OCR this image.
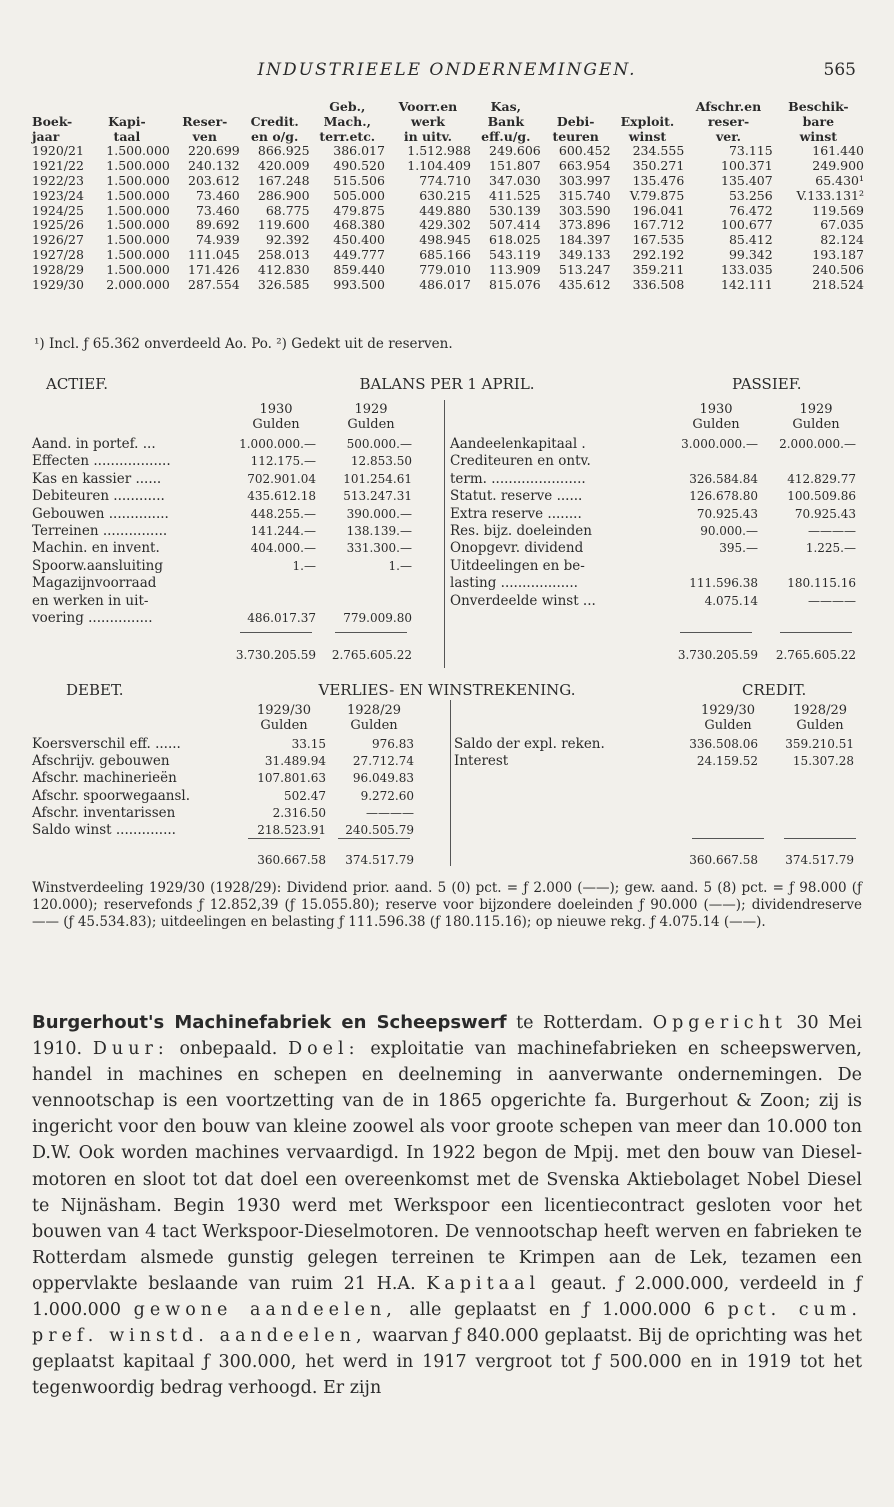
INDUSTRIEELE ONDERNEMINGEN.	565
				Geb.,	Voorr.en	Kas,			Afschr.en	Beschik-
Boek-	Kapi-	Reser-	Credit.	Mach.,	werk	Bank	Debi-	Exploit.	reser-	bare
jaar	taal	ven	en o/g.	terr.etc.	in uitv.	eff.u/g.	teuren	winst	ver.	winst
1920/21	1.500.000	220.699	866.925	386.017	1.512.988	249.606	600.452	234.555	73.115	161.440
1921/22	1.500.000	240.132	420.009	490.520	1.104.409	151.807	663.954	350.271	100.371	249.900
1922/23	1.500.000	203.612	167.248	515.506	774.710	347.030	303.997	135.476	135.407	65.430¹
1923/24	1.500.000	73.460	286.900	505.000	630.215	411.525	315.740	V.79.875	53.256	V.133.131²
1924/25	1.500.000	73.460	68.775	479.875	449.880	530.139	303.590	196.041	76.472	119.569
1925/26	1.500.000	89.692	119.600	468.380	429.302	507.414	373.896	167.712	100.677	67.035
1926/27	1.500.000	74.939	92.392	450.400	498.945	618.025	184.397	167.535	85.412	82.124
1927/28	1.500.000	111.045	258.013	449.777	685.166	543.119	349.133	292.192	99.342	193.187
1928/29	1.500.000	171.426	412.830	859.440	779.010	113.909	513.247	359.211	133.035	240.506
1929/30	2.000.000	287.554	326.585	993.500	486.017	815.076	435.612	336.508	142.111	218.524
¹) Incl. ƒ 65.362 onverdeeld Ao. Po. ²) Gedekt uit de reserven.
ACTIEF.	BALANS PER 1 APRIL.	PASSIEF.
1930	1929
Gulden	Gulden
1930	1929
Gulden	Gulden
Aand. in portef. ...	1.000.000.—	500.000.—
Effecten ..................	112.175.—	12.853.50
Kas en kassier ......	702.901.04	101.254.61
Debiteuren ............	435.612.18	513.247.31
Gebouwen ..............	448.255.—	390.000.—
Terreinen ...............	141.244.—	138.139.—
Machin. en invent.	404.000.—	331.300.—
Spoorw.aansluiting	1.—	1.—
Magazijnvoorraad
en werken in uit-
voering ...............	486.017.37	779.009.80
Aandeelenkapitaal .	3.000.000.—	2.000.000.—
Crediteuren en ontv.
term. ......................	326.584.84	412.829.77
Statut. reserve ......	126.678.80	100.509.86
Extra reserve ........	70.925.43	70.925.43
Res. bijz. doeleinden	90.000.—	————
Onopgevr. dividend	395.—	1.225.—
Uitdeelingen en be-
lasting ..................	111.596.38	180.115.16
Onverdeelde winst ...	4.075.14	————
3.730.205.59	2.765.605.22	3.730.205.59	2.765.605.22
DEBET.	VERLIES- EN WINSTREKENING.	CREDIT.
1929/30	1928/29
Gulden	Gulden
1929/30	1928/29
Gulden	Gulden
Koersverschil eff. ......	33.15	976.83
Afschrijv. gebouwen	31.489.94	27.712.74
Afschr. machinerieën	107.801.63	96.049.83
Afschr. spoorwegaansl.	502.47	9.272.60
Afschr. inventarissen	2.316.50	————
Saldo winst ..............	218.523.91	240.505.79
Saldo der expl. reken.	336.508.06	359.210.51
Interest	24.159.52	15.307.28
360.667.58	374.517.79	360.667.58	374.517.79
Winstverdeeling 1929/30 (1928/29): Dividend prior. aand. 5 (0) pct. = ƒ 2.000 (——); gew. aand. 5 (8) pct. = ƒ 98.000 (ƒ 120.000); reservefonds ƒ 12.852,39 (ƒ 15.055.80); reserve voor bijzondere doeleinden ƒ 90.000 (——); dividendreserve —— (ƒ 45.534.83); uitdeelingen en belasting ƒ 111.596.38 (ƒ 180.115.16); op nieuwe rekg. ƒ 4.075.14 (——).
Burgerhout's Machinefabriek en Scheepswerf te Rotterdam. Opgericht 30 Mei 1910. Duur: onbepaald. Doel: exploitatie van machinefabrieken en scheepswerven, handel in machines en schepen en deelneming in aanverwante ondernemingen. De vennootschap is een voortzetting van de in 1865 opgerichte fa. Burgerhout & Zoon; zij is ingericht voor den bouw van kleine zoowel als voor groote schepen van meer dan 10.000 ton D.W. Ook worden machines vervaardigd. In 1922 begon de Mpij. met den bouw van Diesel-motoren en sloot tot dat doel een overeenkomst met de Svenska Aktiebolaget Nobel Diesel te Nijnäsham. Begin 1930 werd met Werkspoor een licentiecontract gesloten voor het bouwen van 4 tact Werkspoor-Dieselmotoren. De vennootschap heeft werven en fabrieken te Rotterdam alsmede gunstig gelegen terreinen te Krimpen aan de Lek, tezamen een oppervlakte beslaande van ruim 21 H.A. Kapitaal geaut. ƒ 2.000.000, verdeeld in ƒ 1.000.000 gewone aandeelen, alle geplaatst en ƒ 1.000.000 6 pct. cum. pref. winstd. aandeelen, waarvan ƒ 840.000 geplaatst. Bij de oprichting was het geplaatst kapitaal ƒ 300.000, het werd in 1917 vergroot tot ƒ 500.000 en in 1919 tot het tegenwoordig bedrag verhoogd. Er zijn
